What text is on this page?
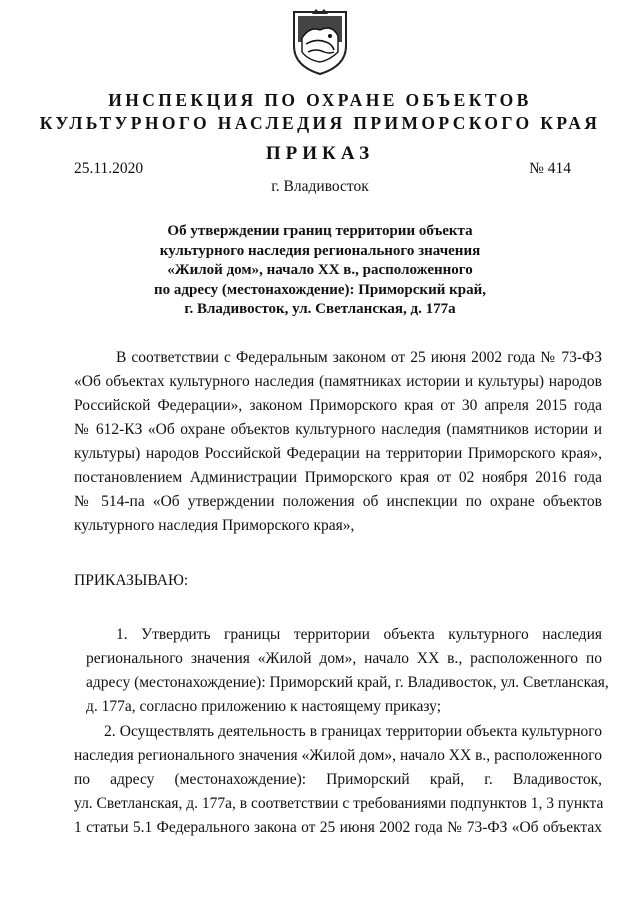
ИНСПЕКЦИЯ ПО ОХРАНЕ ОБЪЕКТОВ
КУЛЬТУРНОГО НАСЛЕДИЯ ПРИМОРСКОГО КРАЯ
ПРИКАЗ
25.11.2020	№ 414
г. Владивосток
Об утверждении границ территории объекта
культурного наследия регионального значения
«Жилой дом», начало XX в., расположенного
по адресу (местонахождение): Приморский край,
г. Владивосток, ул. Светланская, д. 177а
В соответствии с Федеральным законом от 25 июня 2002 года № 73-ФЗ
«Об объектах культурного наследия (памятниках истории и культуры) народов
Российской Федерации», законом Приморского края от 30 апреля 2015 года
№ 612-КЗ «Об охране объектов культурного наследия (памятников истории и
культуры) народов Российской Федерации на территории Приморского края»,
постановлением Администрации Приморского края от 02 ноября 2016 года
№ 514-па «Об утверждении положения об инспекции по охране объектов
культурного наследия Приморского края»,
ПРИКАЗЫВАЮ:
1. Утвердить границы территории объекта культурного наследия
регионального значения «Жилой дом», начало XX в., расположенного по
адресу (местонахождение): Приморский край, г. Владивосток, ул. Светланская,
д. 177а, согласно приложению к настоящему приказу;
2. Осуществлять деятельность в границах территории объекта культурного
наследия регионального значения «Жилой дом», начало XX в., расположенного
по адресу (местонахождение): Приморский край, г. Владивосток,
ул. Светланская, д. 177а, в соответствии с требованиями подпунктов 1, 3 пункта
1 статьи 5.1 Федерального закона от 25 июня 2002 года № 73-ФЗ «Об объектах
